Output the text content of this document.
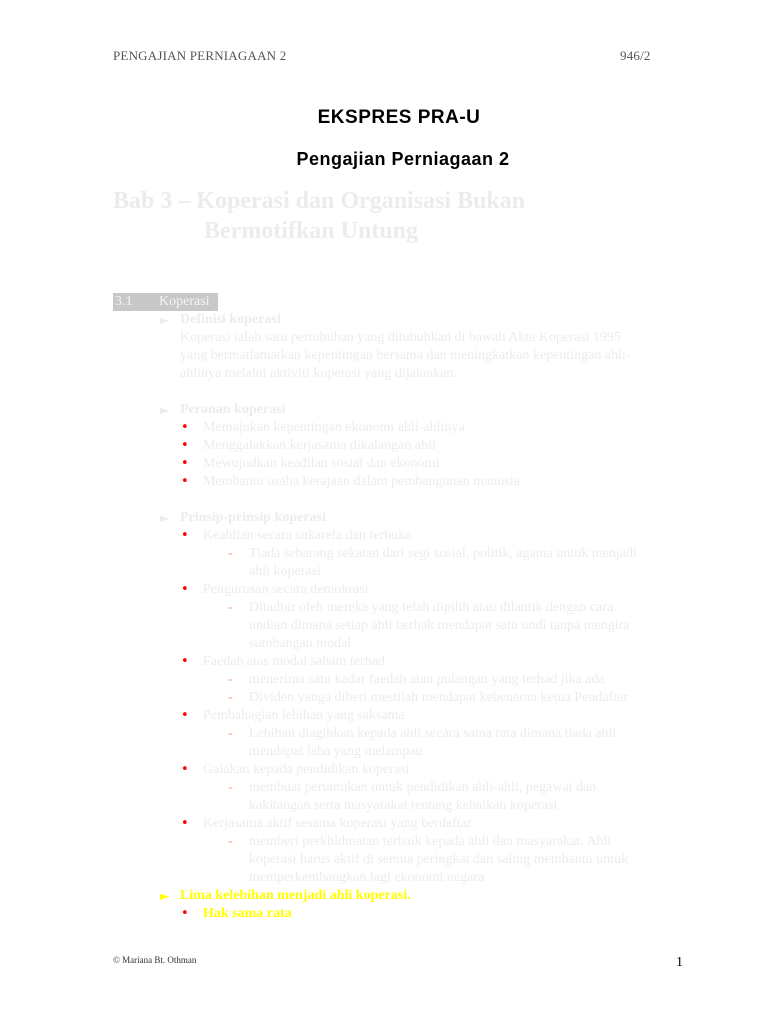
PENGAJIAN PERNIAGAAN 2	946/2
EKSPRES PRA-U
Pengajian Perniagaan 2
Bab 3 – Koperasi dan Organisasi Bukan
Bermotifkan Untung
3.1 Koperasi
► Definisi koperasi
Koperasi ialah satu pertubuhan yang ditubuhkan di bawah Akta Koperasi 1995
yang bermatlamatkan kepentingan bersama dan meningkatkan kepentingan ahli-
ahlinya melalui aktiviti koperasi yang dijalankan.
► Peranan koperasi
• Memajukan kepentingan ekonomi ahli-ahlinya
• Menggalakkan kerjasama dikalangan ahli
• Mewujudkan keadilan sosial dan ekonomi
• Membantu usaha kerajaan dalam pembangunan manusia
► Prinsip-prinsip koperasi
• Keahlian secara sukarela dan terbuka
- Tiada sebarang sekatan dari segi sosial, politik, agama untuk menjadi
ahli koperasi
• Pengurusan secara demokrasi
- Ditadbir oleh mereka yang telah dipilih atau dilantik dengan cara
undian dimana setiap ahli berhak mendapat satu undi tanpa mengira
sumbangan modal
• Faedah atas modal saham terhad
- menerima satu kadar faedah atau pulangan yang terhad jika ada
- Dividen yanga diberi mestilah mendapat kebenaran ketua Pendaftar
• Pembahagian lebihan yang saksama
- Lebihan diagihkan kepada ahli secara sama rata dimana tiada ahli
mendapat laba yang melampau
• Galakan kepada pendidikan koperasi
- membuat peruntukan untuk pendidikan ahli-ahli, pegawai dan
kakitangan serta masyarakat tentang kebaikan koperasi
• Kerjasama aktif sesama koperasi yang berdaftar
- memberi perkhidmatan terbaik kepada ahli dan masyarakat. Ahli
koperasi harus aktif di semua peringkat dan saling membantu untuk
memperkembangkan lagi ekonomi negara
► Lima kelebihan menjadi ahli koperasi.
• Hak sama rata
© Mariana Bt. Othman	1
